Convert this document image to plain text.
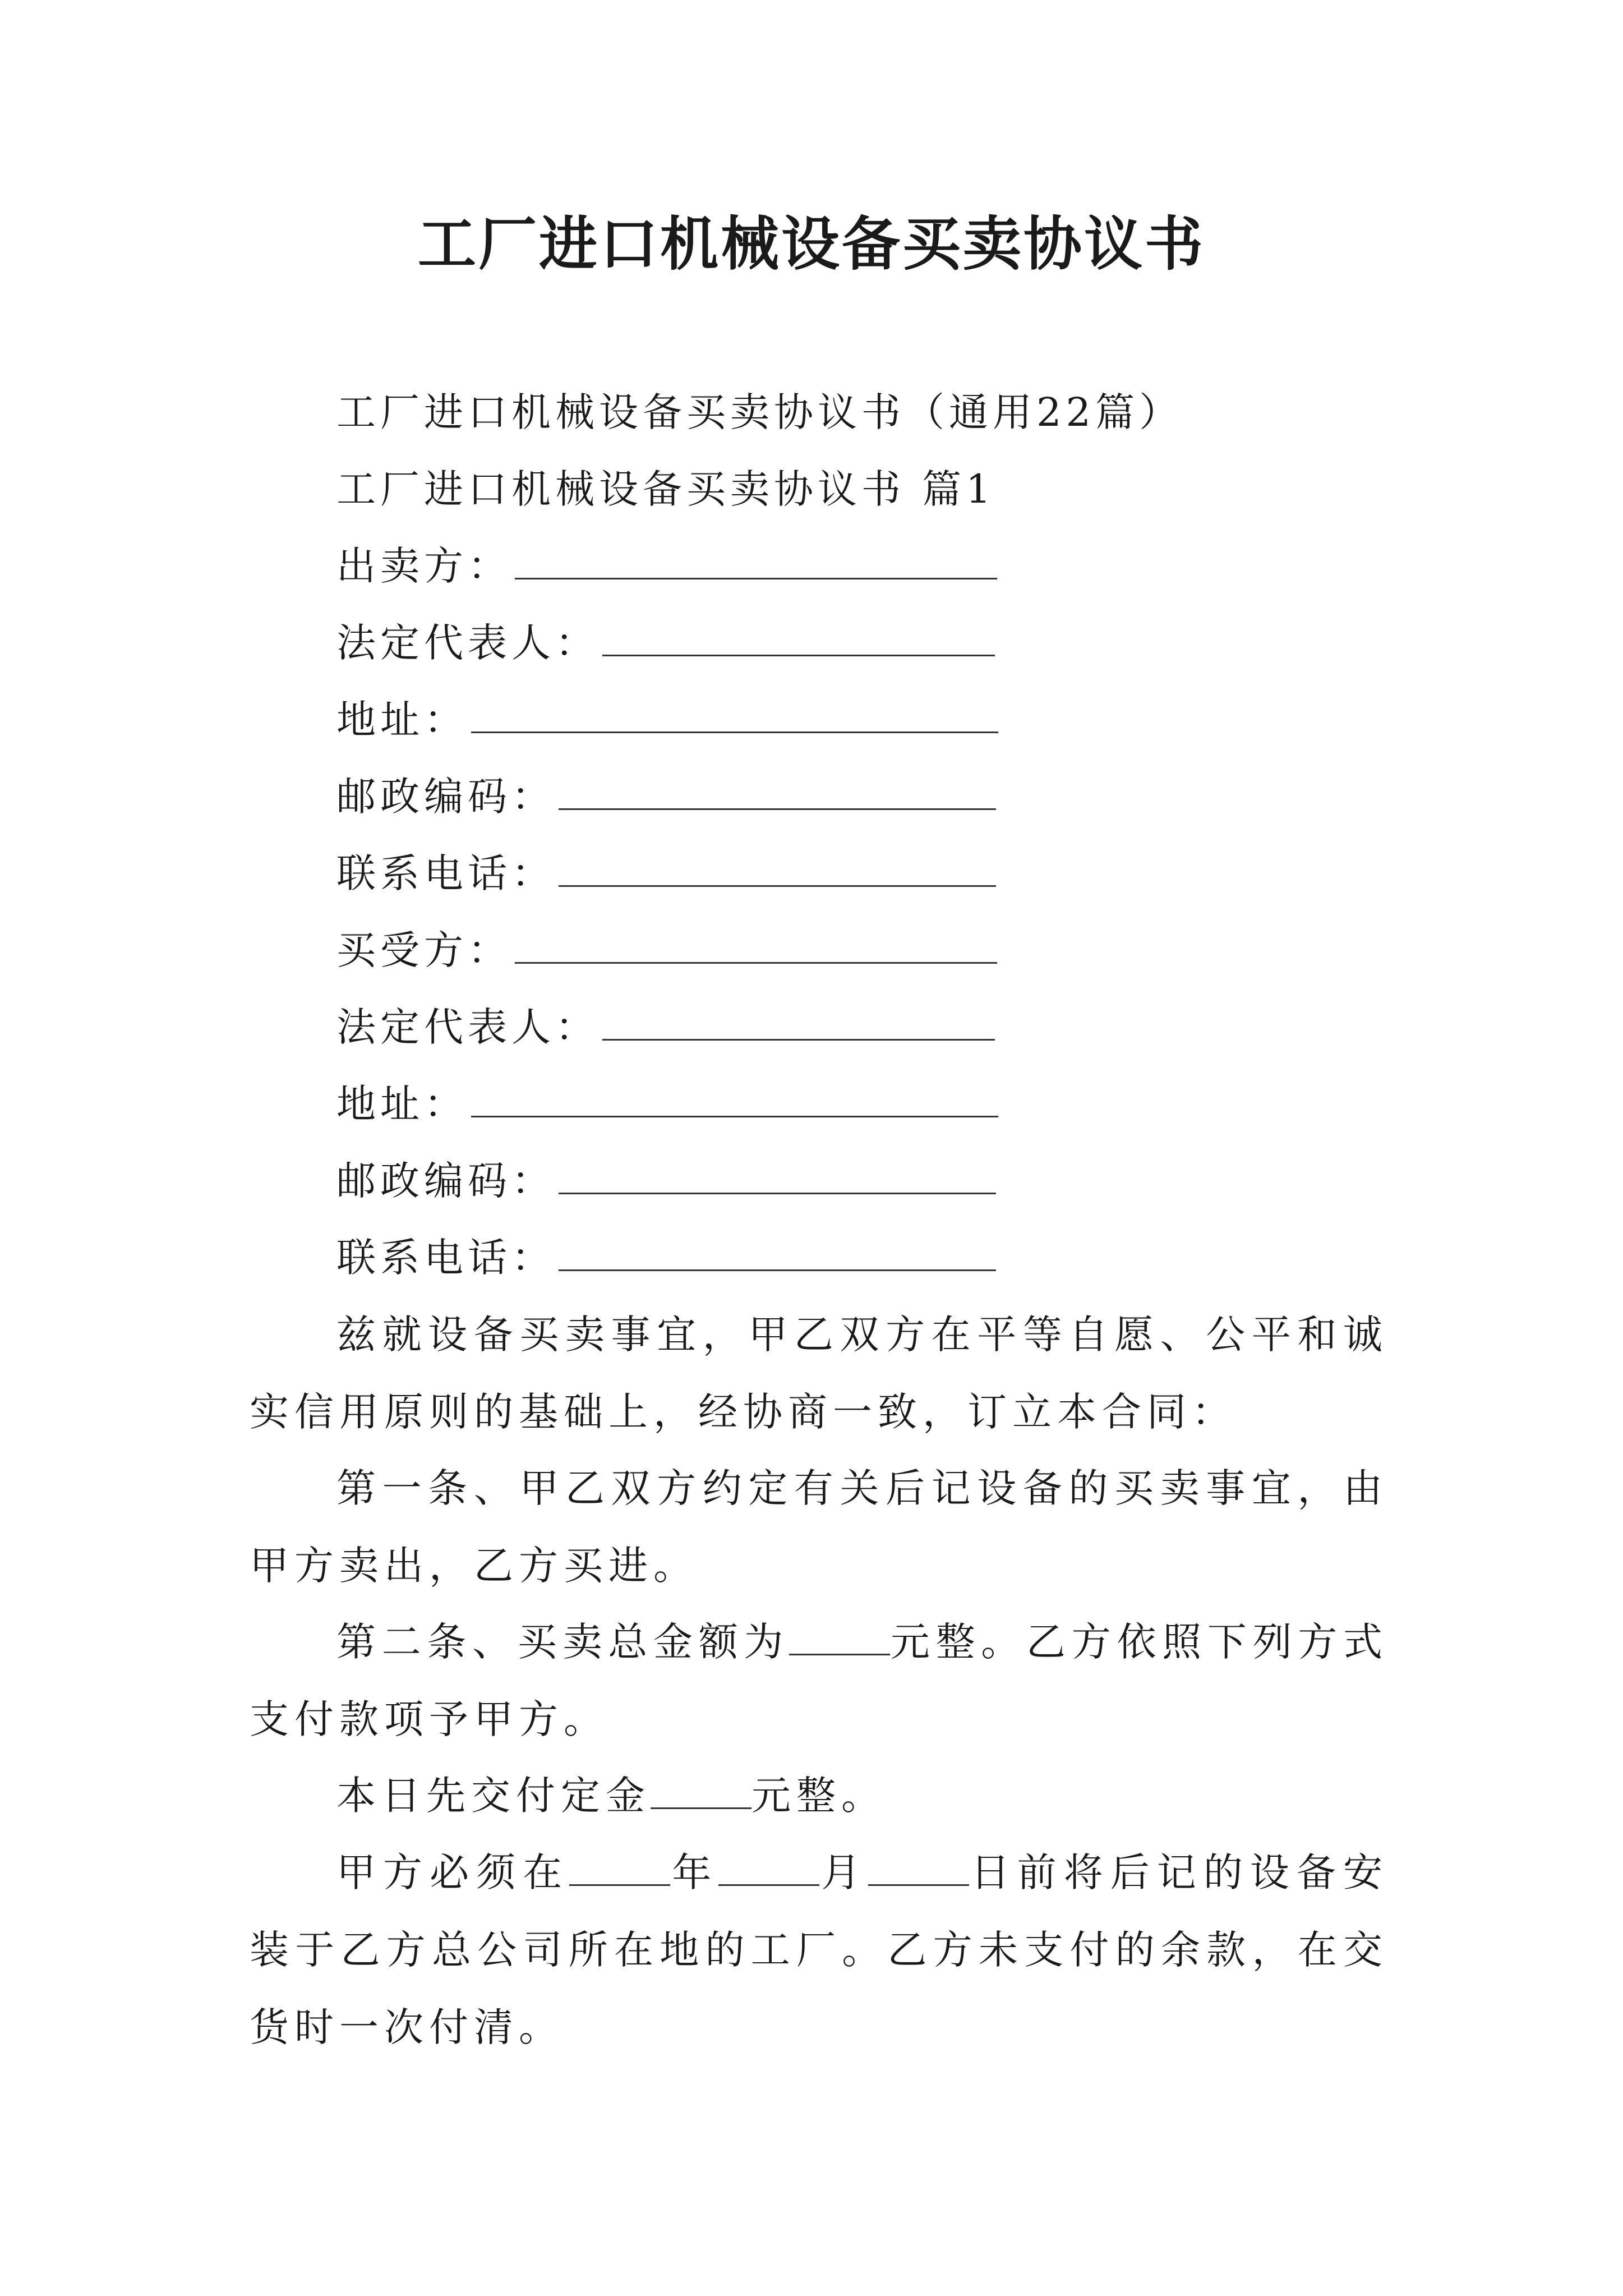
工厂进口机械设备买卖协议书
工厂进口机械设备买卖协议书（通用22篇）
工厂进口机械设备买卖协议书 篇1
出卖方：
法定代表人：
地址：
邮政编码：
联系电话：
买受方：
法定代表人：
地址：
邮政编码：
联系电话：
兹就设备买卖事宜，甲乙双方在平等自愿、公平和诚实信用原则的基础上，经协商一致，订立本合同：
第一条、甲乙双方约定有关后记设备的买卖事宜，由甲方卖出，乙方买进。
第二条、买卖总金额为	元整。乙方依照下列方式支付款项予甲方。
本日先交付定金	元整。
甲方必须在	年	月	日前将后记的设备安装于乙方总公司所在地的工厂。乙方未支付的余款，在交货时一次付清。
